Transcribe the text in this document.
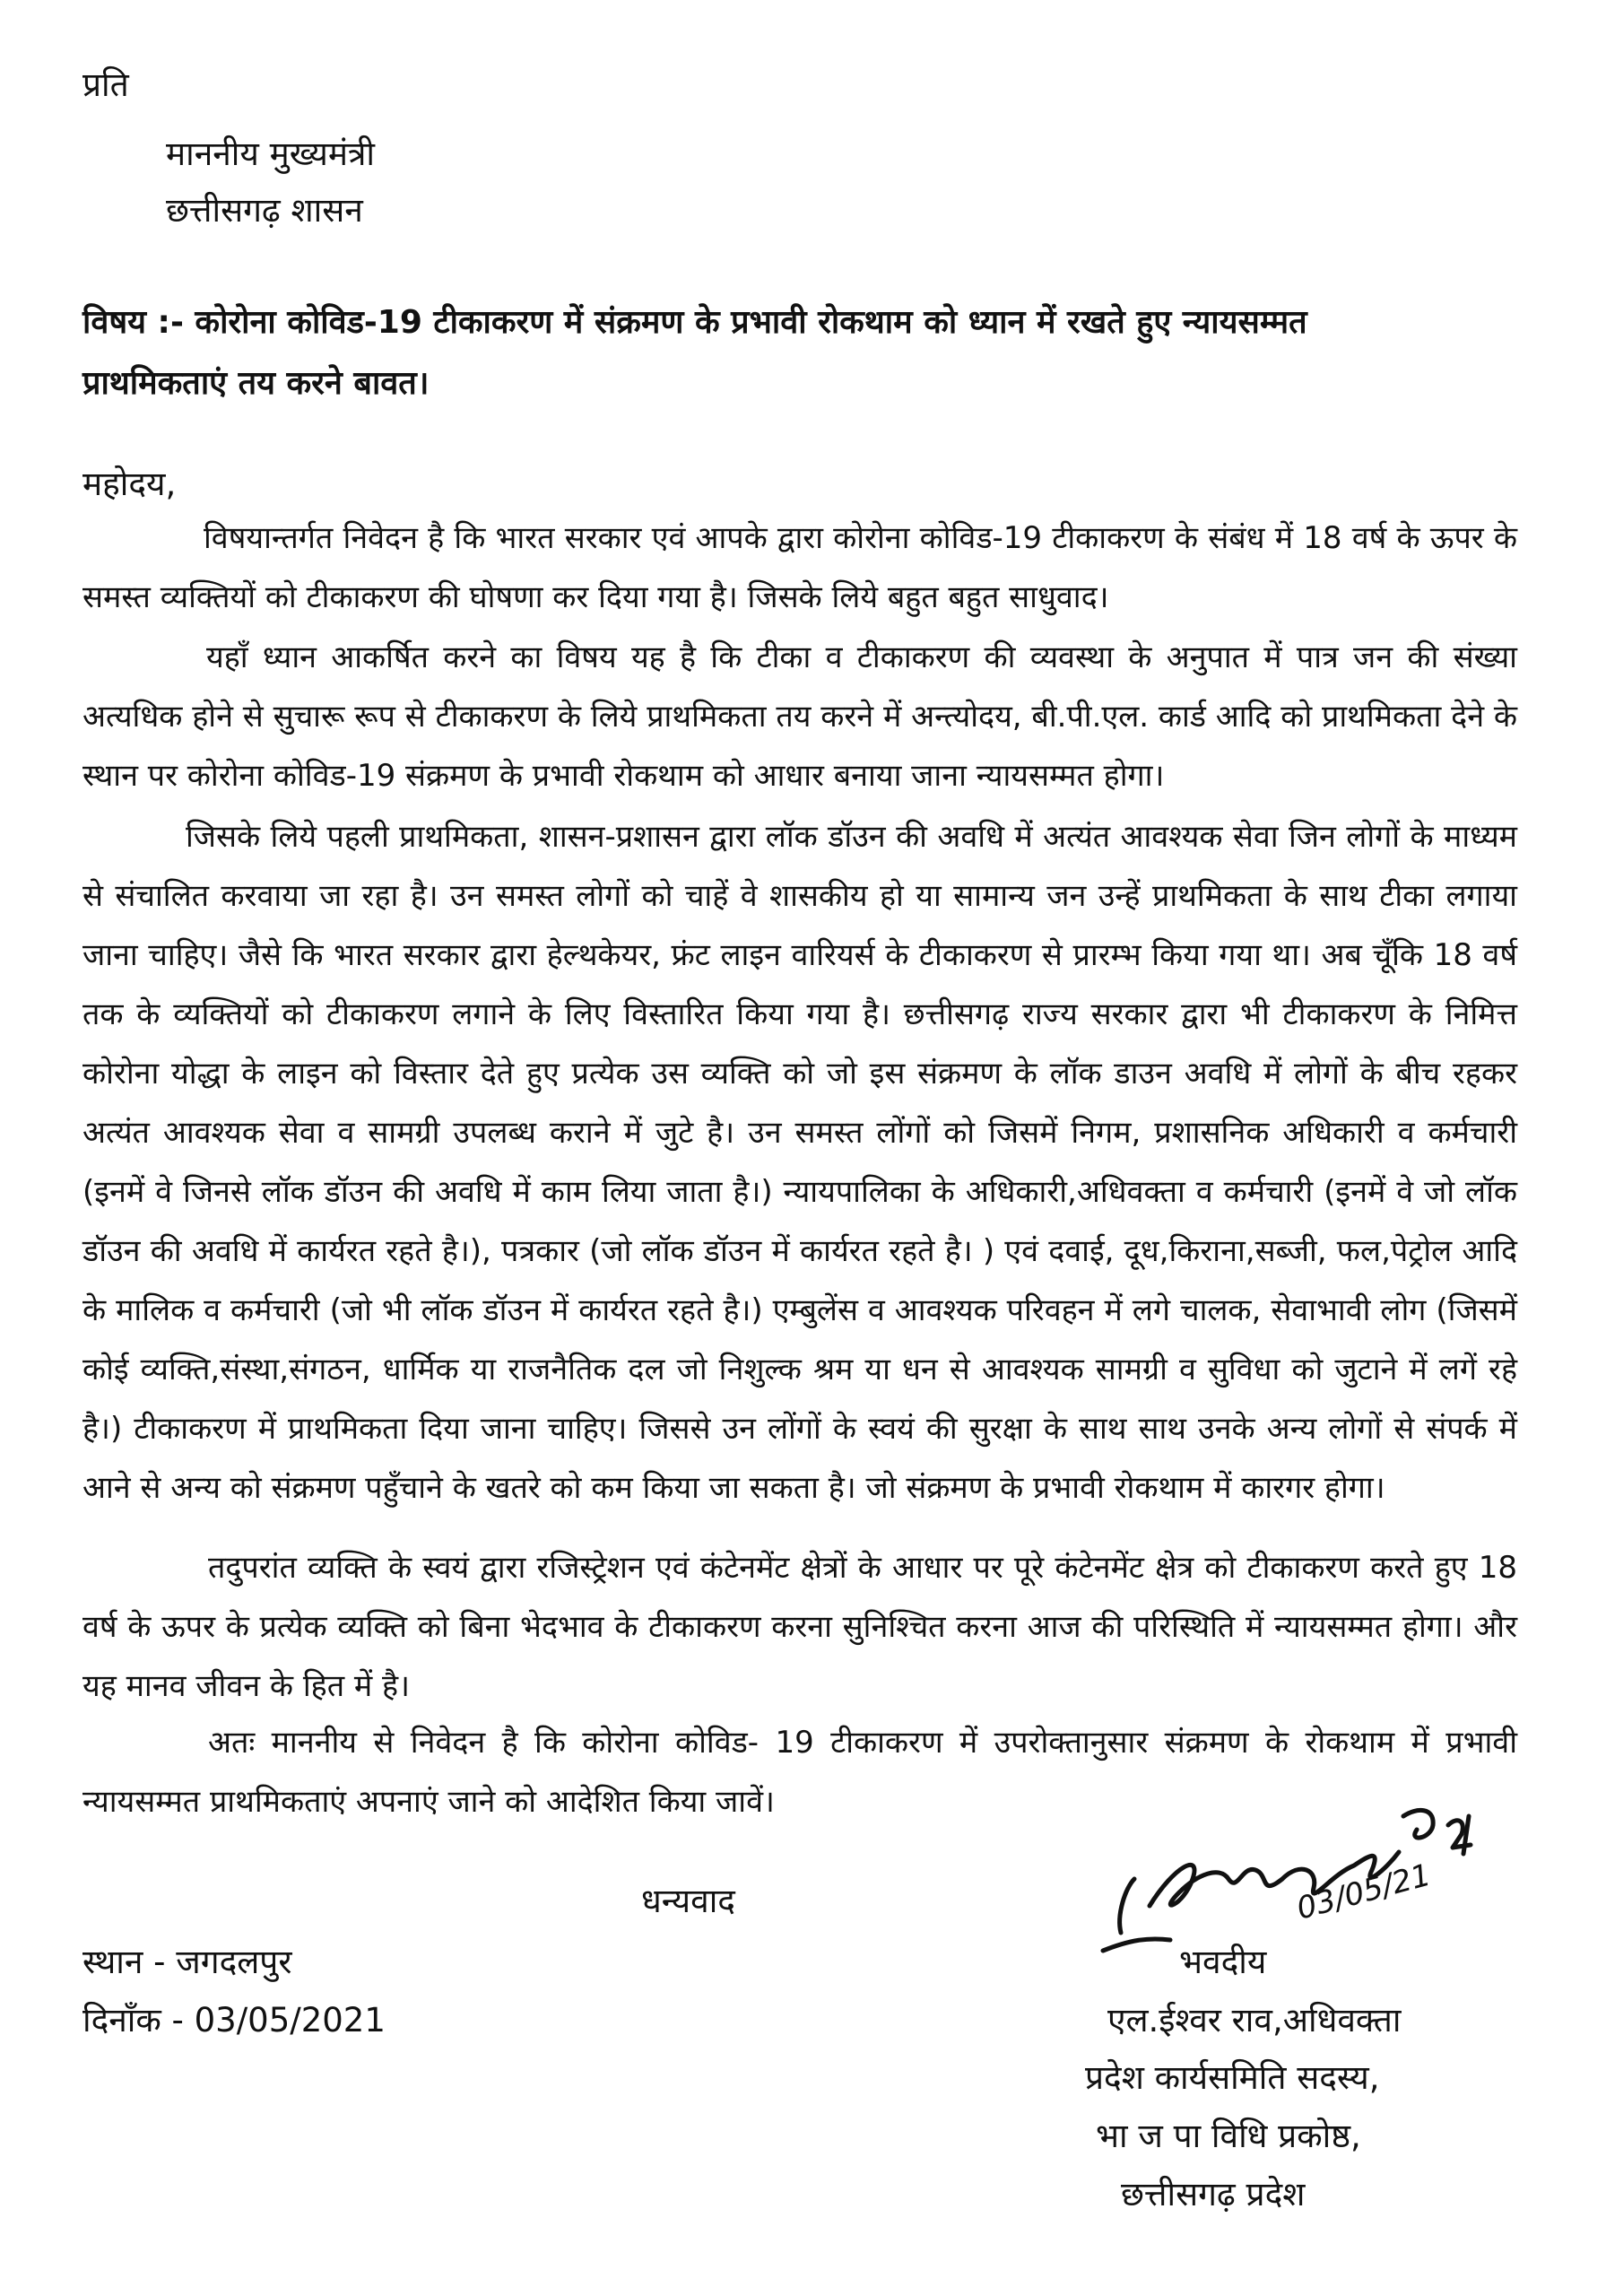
प्रति
माननीय मुख्यमंत्री
छत्तीसगढ़ शासन
विषय :- कोरोना कोविड-19 टीकाकरण में संक्रमण के प्रभावी रोकथाम को ध्यान में रखते हुए न्यायसम्मत
प्राथमिकताएं तय करने बावत।
महोदय,
विषयान्तर्गत निवेदन है कि भारत सरकार एवं आपके द्वारा कोरोना कोविड-19 टीकाकरण के संबंध में 18 वर्ष के ऊपर के समस्त व्यक्तियों को टीकाकरण की घोषणा कर दिया गया है। जिसके लिये बहुत बहुत साधुवाद।
यहाँ ध्यान आकर्षित करने का विषय यह है कि टीका व टीकाकरण की व्यवस्था के अनुपात में पात्र जन की संख्या अत्यधिक होने से सुचारू रूप से टीकाकरण के लिये प्राथमिकता तय करने में अन्त्योदय, बी.पी.एल. कार्ड आदि को प्राथमिकता देने के स्थान पर कोरोना कोविड-19 संक्रमण के प्रभावी रोकथाम को आधार बनाया जाना न्यायसम्मत होगा।
जिसके लिये पहली प्राथमिकता, शासन-प्रशासन द्वारा लॉक डॉउन की अवधि में अत्यंत आवश्यक सेवा जिन लोगों के माध्यम से संचालित करवाया जा रहा है। उन समस्त लोगों को चाहें वे शासकीय हो या सामान्य जन उन्हें प्राथमिकता के साथ टीका लगाया जाना चाहिए। जैसे कि भारत सरकार द्वारा हेल्थकेयर, फ्रंट लाइन वारियर्स के टीकाकरण से प्रारम्भ किया गया था। अब चूँकि 18 वर्ष तक के व्यक्तियों को टीकाकरण लगाने के लिए विस्तारित किया गया है। छत्तीसगढ़ राज्य सरकार द्वारा भी टीकाकरण के निमित्त कोरोना योद्धा के लाइन को विस्तार देते हुए प्रत्येक उस व्यक्ति को जो इस संक्रमण के लॉक डाउन अवधि में लोगों के बीच रहकर अत्यंत आवश्यक सेवा व सामग्री उपलब्ध कराने में जुटे है। उन समस्त लोंगों को जिसमें निगम, प्रशासनिक अधिकारी व कर्मचारी (इनमें वे जिनसे लॉक डॉउन की अवधि में काम लिया जाता है।) न्यायपालिका के अधिकारी,अधिवक्ता व कर्मचारी (इनमें वे जो लॉक डॉउन की अवधि में कार्यरत रहते है।), पत्रकार (जो लॉक डॉउन में कार्यरत रहते है। ) एवं दवाई, दूध,किराना,सब्जी, फल,पेट्रोल आदि के मालिक व कर्मचारी (जो भी लॉक डॉउन में कार्यरत रहते है।) एम्बुलेंस व आवश्यक परिवहन में लगे चालक, सेवाभावी लोग (जिसमें कोई व्यक्ति,संस्था,संगठन, धार्मिक या राजनैतिक दल जो निशुल्क श्रम या धन से आवश्यक सामग्री व सुविधा को जुटाने में लगें रहे है।) टीकाकरण में प्राथमिकता दिया जाना चाहिए। जिससे उन लोंगों के स्वयं की सुरक्षा के साथ साथ उनके अन्य लोगों से संपर्क में आने से अन्य को संक्रमण पहुँचाने के खतरे को कम किया जा सकता है। जो संक्रमण के प्रभावी रोकथाम में कारगर होगा।
तदुपरांत व्यक्ति के स्वयं द्वारा रजिस्ट्रेशन एवं कंटेनमेंट क्षेत्रों के आधार पर पूरे कंटेनमेंट क्षेत्र को टीकाकरण करते हुए 18 वर्ष के ऊपर के प्रत्येक व्यक्ति को बिना भेदभाव के टीकाकरण करना सुनिश्चित करना आज की परिस्थिति में न्यायसम्मत होगा। और यह मानव जीवन के हित में है।
अतः माननीय से निवेदन है कि कोरोना कोविड- 19 टीकाकरण में उपरोक्तानुसार संक्रमण के रोकथाम में प्रभावी न्यायसम्मत प्राथमिकताएं अपनाएं जाने को आदेशित किया जावें।
धन्यवाद
स्थान - जगदलपुर
दिनाँक - 03/05/2021
03/05/21
भवदीय
एल.ईश्वर राव,अधिवक्ता
प्रदेश कार्यसमिति सदस्य,
भा ज पा विधि प्रकोष्ठ,
छत्तीसगढ़ प्रदेश
